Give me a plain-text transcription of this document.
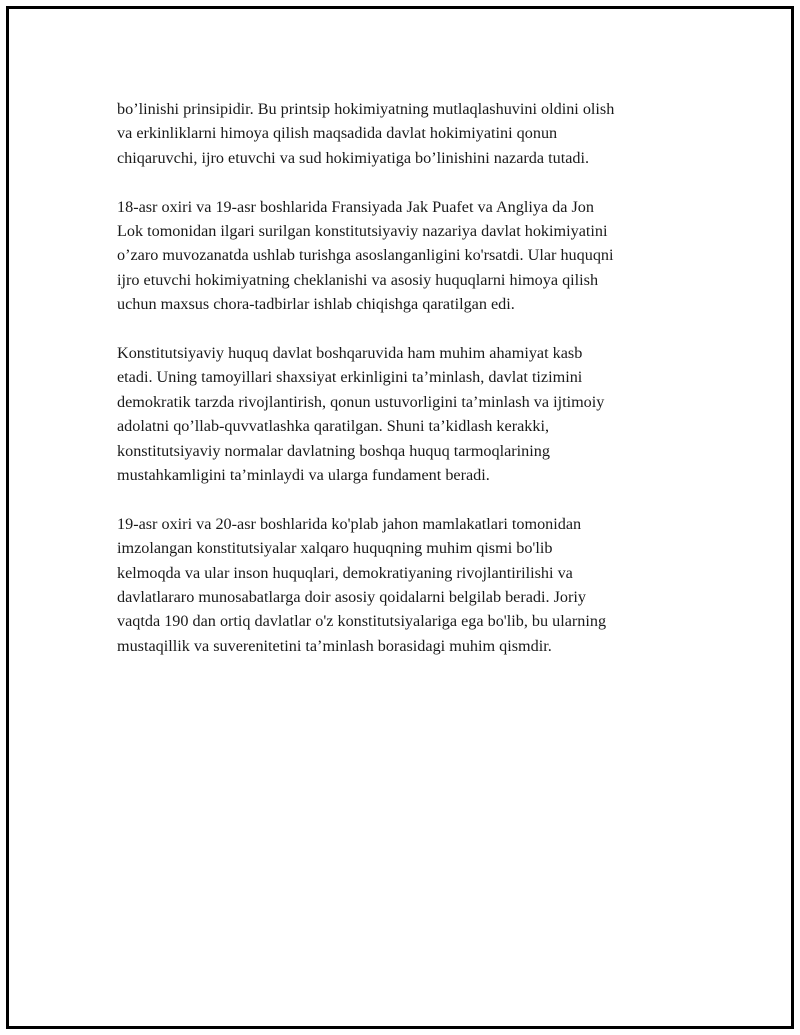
bo’linishi prinsipidir. Bu printsip hokimiyatning mutlaqlashuvini oldini olish
va erkinliklarni himoya qilish maqsadida davlat hokimiyatini qonun
chiqaruvchi, ijro etuvchi va sud hokimiyatiga bo’linishini nazarda tutadi.

18-asr oxiri va 19-asr boshlarida Fransiyada Jak Puafet va Angliya da Jon
Lok tomonidan ilgari surilgan konstitutsiyaviy nazariya davlat hokimiyatini
o’zaro muvozanatda ushlab turishga asoslanganligini ko'rsatdi. Ular huquqni
ijro etuvchi hokimiyatning cheklanishi va asosiy huquqlarni himoya qilish
uchun maxsus chora-tadbirlar ishlab chiqishga qaratilgan edi.

Konstitutsiyaviy huquq davlat boshqaruvida ham muhim ahamiyat kasb
etadi. Uning tamoyillari shaxsiyat erkinligini ta’minlash, davlat tizimini
demokratik tarzda rivojlantirish, qonun ustuvorligini ta’minlash va ijtimoiy
adolatni qo’llab-quvvatlashka qaratilgan. Shuni ta’kidlash kerakki,
konstitutsiyaviy normalar davlatning boshqa huquq tarmoqlarining
mustahkamligini ta’minlaydi va ularga fundament beradi.

19-asr oxiri va 20-asr boshlarida ko'plab jahon mamlakatlari tomonidan
imzolangan konstitutsiyalar xalqaro huquqning muhim qismi bo'lib
kelmoqda va ular inson huquqlari, demokratiyaning rivojlantirilishi va
davlatlararo munosabatlarga doir asosiy qoidalarni belgilab beradi. Joriy
vaqtda 190 dan ortiq davlatlar o'z konstitutsiyalariga ega bo'lib, bu ularning
mustaqillik va suverenitetini ta’minlash borasidagi muhim qismdir.
